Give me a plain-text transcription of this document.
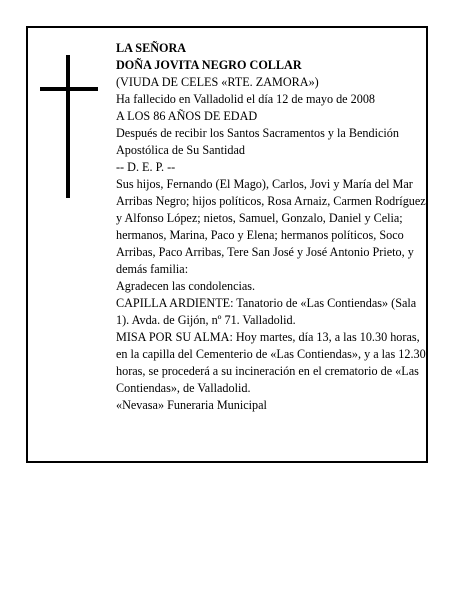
LA SEÑORA
DOÑA JOVITA NEGRO COLLAR
(VIUDA DE CELES «RTE. ZAMORA»)
Ha fallecido en Valladolid el día 12 de mayo de 2008
A LOS 86 AÑOS DE EDAD
Después de recibir los Santos Sacramentos y la Bendición Apostólica de Su Santidad
-- D. E. P. --
Sus hijos, Fernando (El Mago), Carlos, Jovi y María del Mar Arribas Negro; hijos políticos, Rosa Arnaiz, Carmen Rodríguez y Alfonso López; nietos, Samuel, Gonzalo, Daniel y Celia; hermanos, Marina, Paco y Elena; hermanos políticos, Soco Arribas, Paco Arribas, Tere San José y José Antonio Prieto, y demás familia:
Agradecen las condolencias.
CAPILLA ARDIENTE: Tanatorio de «Las Contiendas» (Sala 1). Avda. de Gijón, nº 71. Valladolid.
MISA POR SU ALMA: Hoy martes, día 13, a las 10.30 horas, en la capilla del Cementerio de «Las Contiendas», y a las 12.30 horas, se procederá a su incineración en el crematorio de «Las Contiendas», de Valladolid.
«Nevasa» Funeraria Municipal
